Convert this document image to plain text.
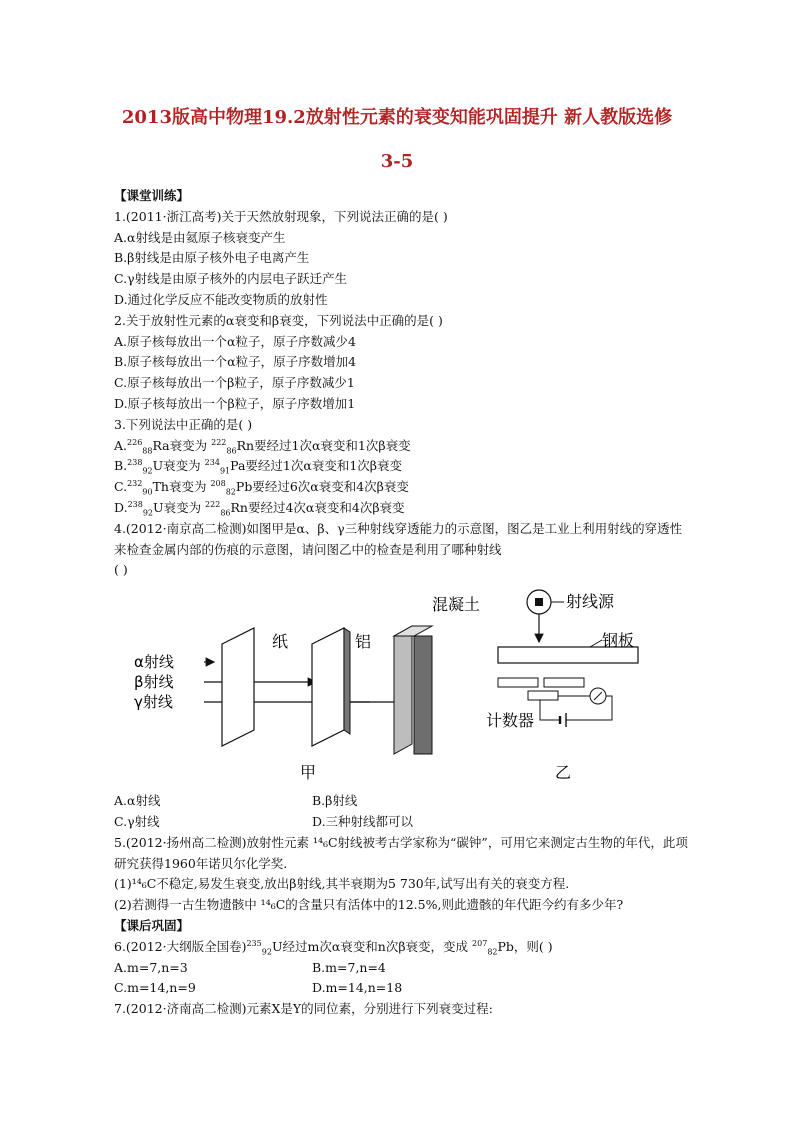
2013版高中物理19.2放射性元素的衰变知能巩固提升 新人教版选修
3-5
【课堂训练】
1.(2011·浙江高考)关于天然放射现象，下列说法正确的是( )
A.α射线是由氦原子核衰变产生
B.β射线是由原子核外电子电离产生
C.γ射线是由原子核外的内层电子跃迁产生
D.通过化学反应不能改变物质的放射性
2.关于放射性元素的α衰变和β衰变，下列说法中正确的是( )
A.原子核每放出一个α粒子，原子序数减少4
B.原子核每放出一个α粒子，原子序数增加4
C.原子核每放出一个β粒子，原子序数减少1
D.原子核每放出一个β粒子，原子序数增加1
3.下列说法中正确的是( )
A.$^{226}_{88}$Ra衰变为 $^{222}_{86}$Rn要经过1次α衰变和1次β衰变
B.$^{238}_{92}$U衰变为 $^{234}_{91}$Pa要经过1次α衰变和1次β衰变
C.$^{232}_{90}$Th衰变为 $^{208}_{82}$Pb要经过6次α衰变和4次β衰变
D.$^{238}_{92}$U衰变为 $^{222}_{86}$Rn要经过4次α衰变和4次β衰变
4.(2012·南京高二检测)如图甲是α、β、γ三种射线穿透能力的示意图，图乙是工业上利用射线的穿透性来检查金属内部的伤痕的示意图，请问图乙中的检查是利用了哪种射线
( )
A.α射线	B.β射线
C.γ射线	D.三种射线都可以
5.(2012·扬州高二检测)放射性元素 ¹⁴₆C射线被考古学家称为“碳钟”，可用它来测定古生物的年代，此项研究获得1960年诺贝尔化学奖.
(1)¹⁴₆C不稳定,易发生衰变,放出β射线,其半衰期为5 730年,试写出有关的衰变方程.
(2)若测得一古生物遗骸中 ¹⁴₆C的含量只有活体中的12.5%,则此遗骸的年代距今约有多少年?
【课后巩固】
6.(2012·大纲版全国卷)$^{235}_{92}$U经过m次α衰变和n次β衰变，变成 $^{207}_{82}$Pb，则( )
A.m=7,n=3	B.m=7,n=4
C.m=14,n=9	D.m=14,n=18
7.(2012·济南高二检测)元素X是Y的同位素，分别进行下列衰变过程:
α射线
β射线
γ射线
纸	铝
混凝土
甲
射线源
钢板
计数器
乙
